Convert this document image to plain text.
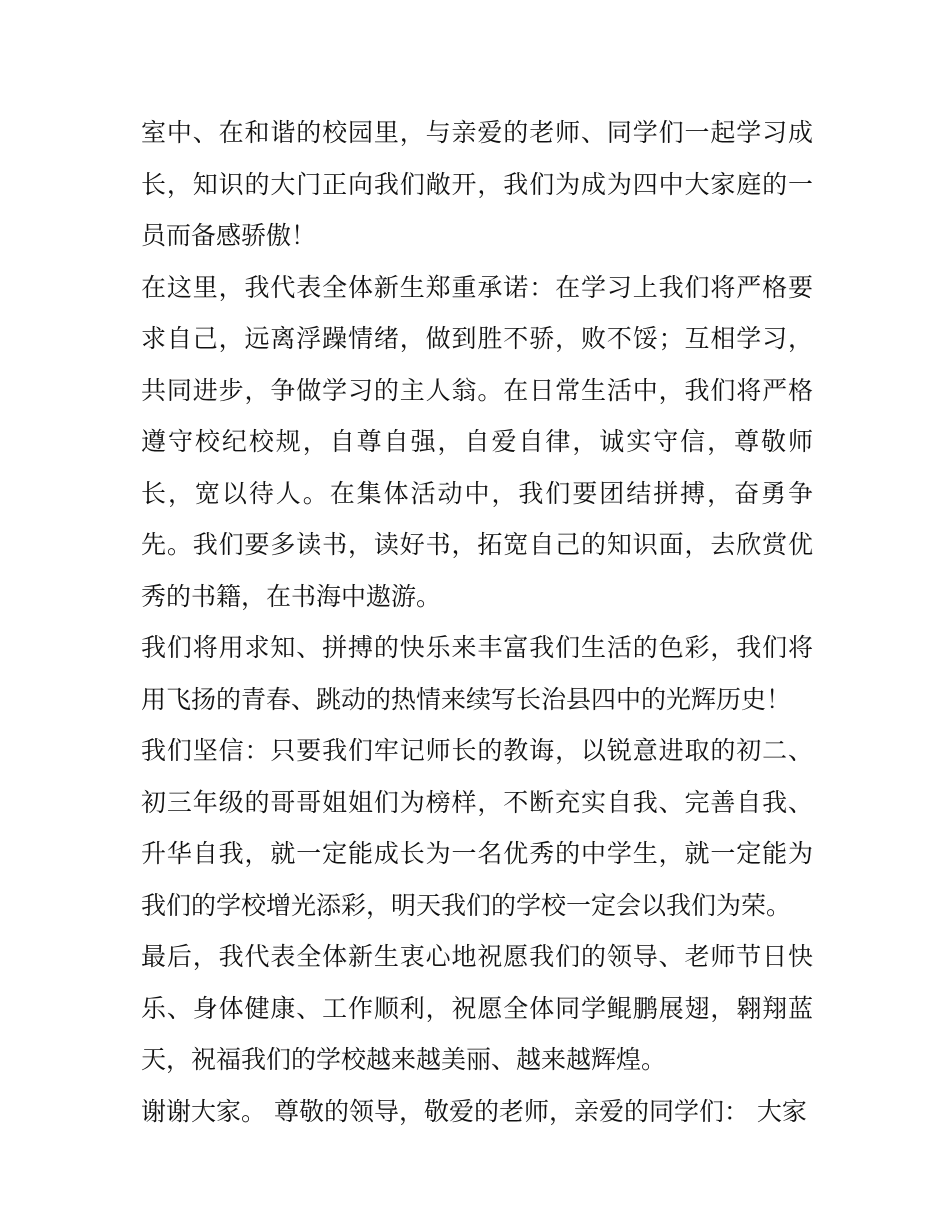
室中、在和谐的校园里，与亲爱的老师、同学们一起学习成长，知识的大门正向我们敞开，我们为成为四中大家庭的一员而备感骄傲！

在这里，我代表全体新生郑重承诺：在学习上我们将严格要求自己，远离浮躁情绪，做到胜不骄，败不馁；互相学习，共同进步，争做学习的主人翁。在日常生活中，我们将严格遵守校纪校规，自尊自强，自爱自律，诚实守信，尊敬师长，宽以待人。在集体活动中，我们要团结拼搏，奋勇争先。我们要多读书，读好书，拓宽自己的知识面，去欣赏优秀的书籍，在书海中遨游。

我们将用求知、拼搏的快乐来丰富我们生活的色彩，我们将用飞扬的青春、跳动的热情来续写长治县四中的光辉历史！

我们坚信：只要我们牢记师长的教诲，以锐意进取的初二、初三年级的哥哥姐姐们为榜样，不断充实自我、完善自我、升华自我，就一定能成长为一名优秀的中学生，就一定能为我们的学校增光添彩，明天我们的学校一定会以我们为荣。

最后，我代表全体新生衷心地祝愿我们的领导、老师节日快乐、身体健康、工作顺利，祝愿全体同学鲲鹏展翅，翱翔蓝天，祝福我们的学校越来越美丽、越来越辉煌。

谢谢大家。 尊敬的领导，敬爱的老师，亲爱的同学们： 大家
